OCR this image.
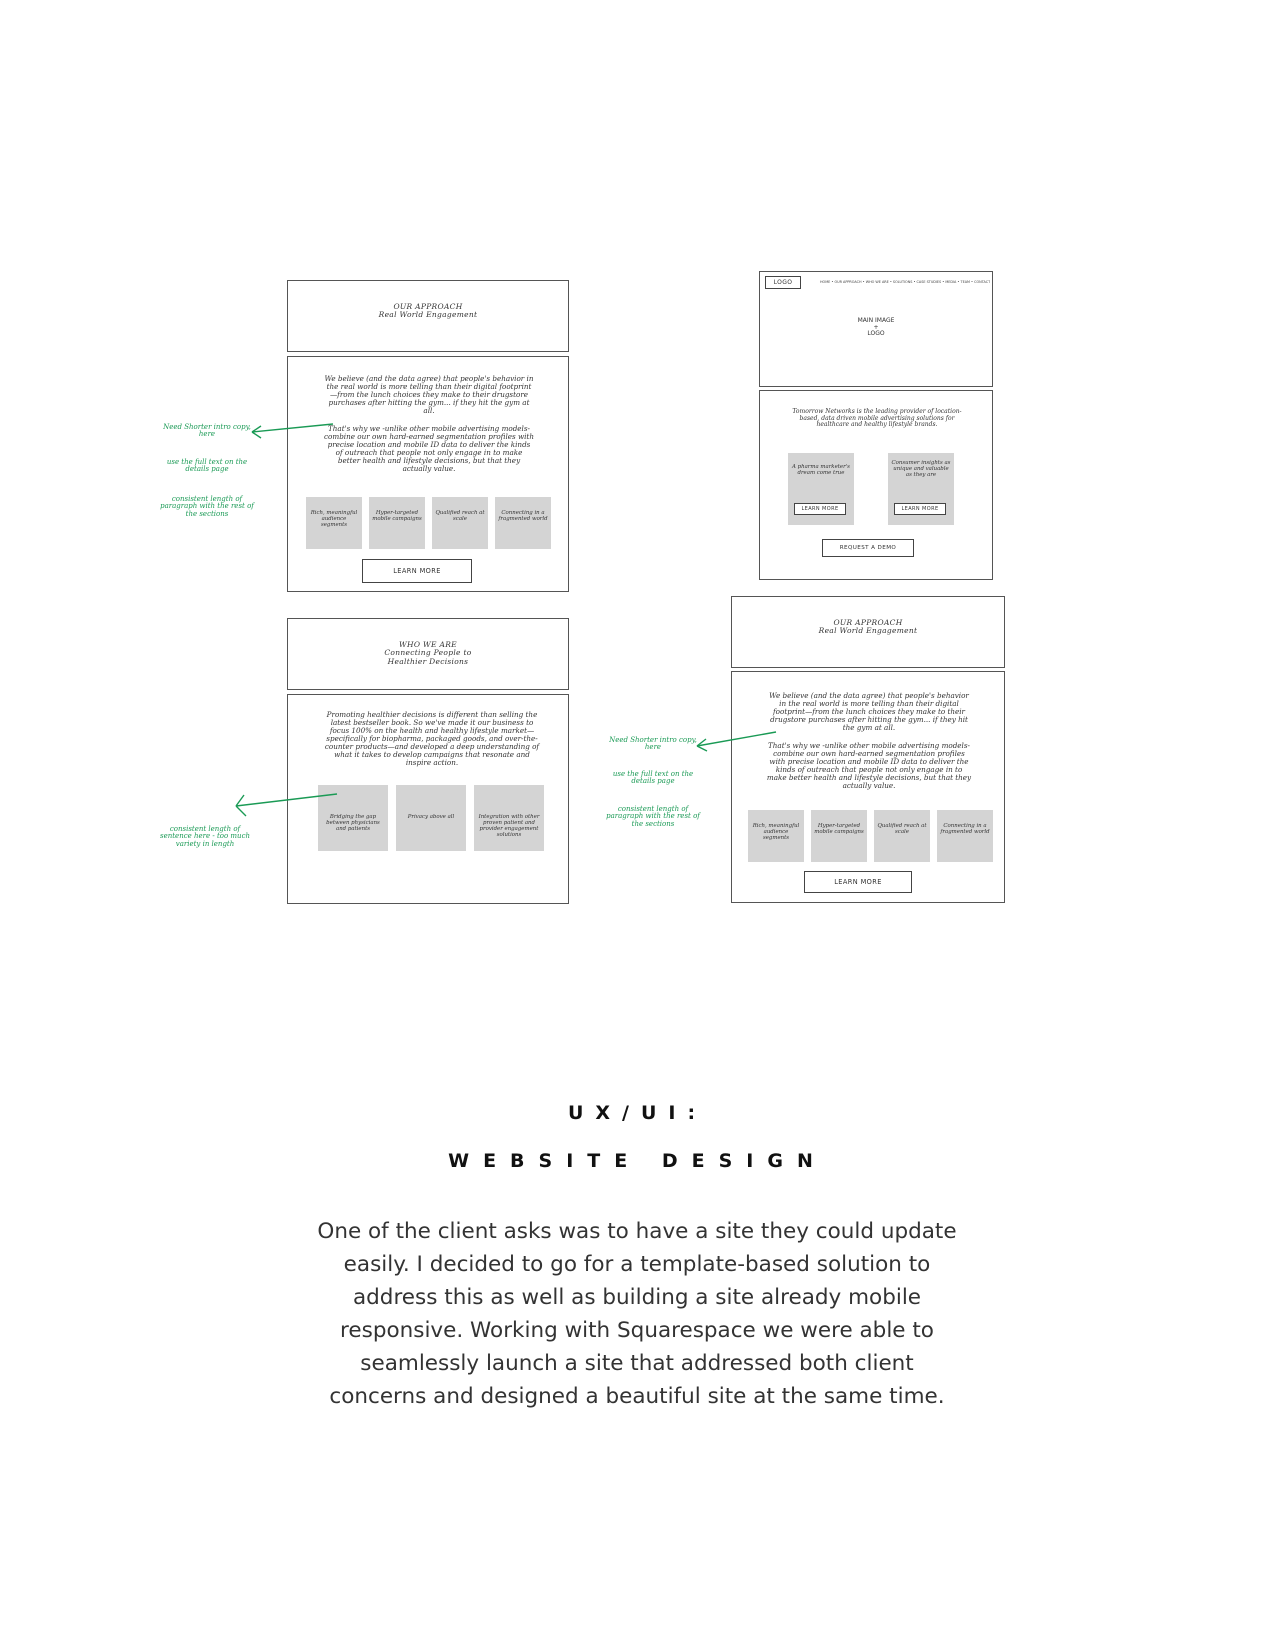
OUR APPROACH
Real World Engagement
We believe (and the data agree) that people's behavior in the real world is more telling than their digital footprint—from the lunch choices they make to their drugstore purchases after hitting the gym... if they hit the gym at all.
That's why we -unlike other mobile advertising models- combine our own hard-earned segmentation profiles with precise location and mobile ID data to deliver the kinds of outreach that people not only engage in to make better health and lifestyle decisions, but that they actually value.
Rich, meaningful audience segments
Hyper-targeted mobile campaigns
Qualified reach at scale
Connecting in a fragmented world
LEARN MORE
WHO WE ARE
Connecting People to Healthier Decisions
Promoting healthier decisions is different than selling the latest bestseller book. So we've made it our business to focus 100% on the health and healthy lifestyle market—specifically for biopharma, packaged goods, and over-the-counter products—and developed a deep understanding of what it takes to develop campaigns that resonate and inspire action.
Bridging the gap between physicians and patients
Privacy above all	Integration with other proven patient and provider engagement solutions
LOGO	HOME • OUR APPROACH • WHO WE ARE • SOLUTIONS • CASE STUDIES • MEDIA • TEAM • CONTACT
MAIN IMAGE
+
LOGO
Tomorrow Networks is the leading provider of location-based, data driven mobile advertising solutions for healthcare and healthy lifestyle brands.
A pharma marketer's dream come true
LEARN MORE
Consumer insights as unique and valuable as they are
LEARN MORE
REQUEST A DEMO
OUR APPROACH
Real World Engagement
We believe (and the data agree) that people's behavior in the real world is more telling than their digital footprint—from the lunch choices they make to their drugstore purchases after hitting the gym... if they hit the gym at all.
That's why we -unlike other mobile advertising models- combine our own hard-earned segmentation profiles with precise location and mobile ID data to deliver the kinds of outreach that people not only engage in to make better health and lifestyle decisions, but that they actually value.
Rich, meaningful audience segments
Hyper-targeted mobile campaigns
Qualified reach at scale
Connecting in a fragmented world
LEARN MORE
Need Shorter intro copy, here
use the full text on the details page
consistent length of paragraph with the rest of the sections
consistent length of sentence here - too much variety in length
Need Shorter intro copy, here
use the full text on the details page
consistent length of paragraph with the rest of the sections
UX/UI:
WEBSITE DESIGN

One of the client asks was to have a site they could update easily. I decided to go for a template-based solution to address this as well as building a site already mobile responsive. Working with Squarespace we were able to seamlessly launch a site that addressed both client concerns and designed a beautiful site at the same time.
